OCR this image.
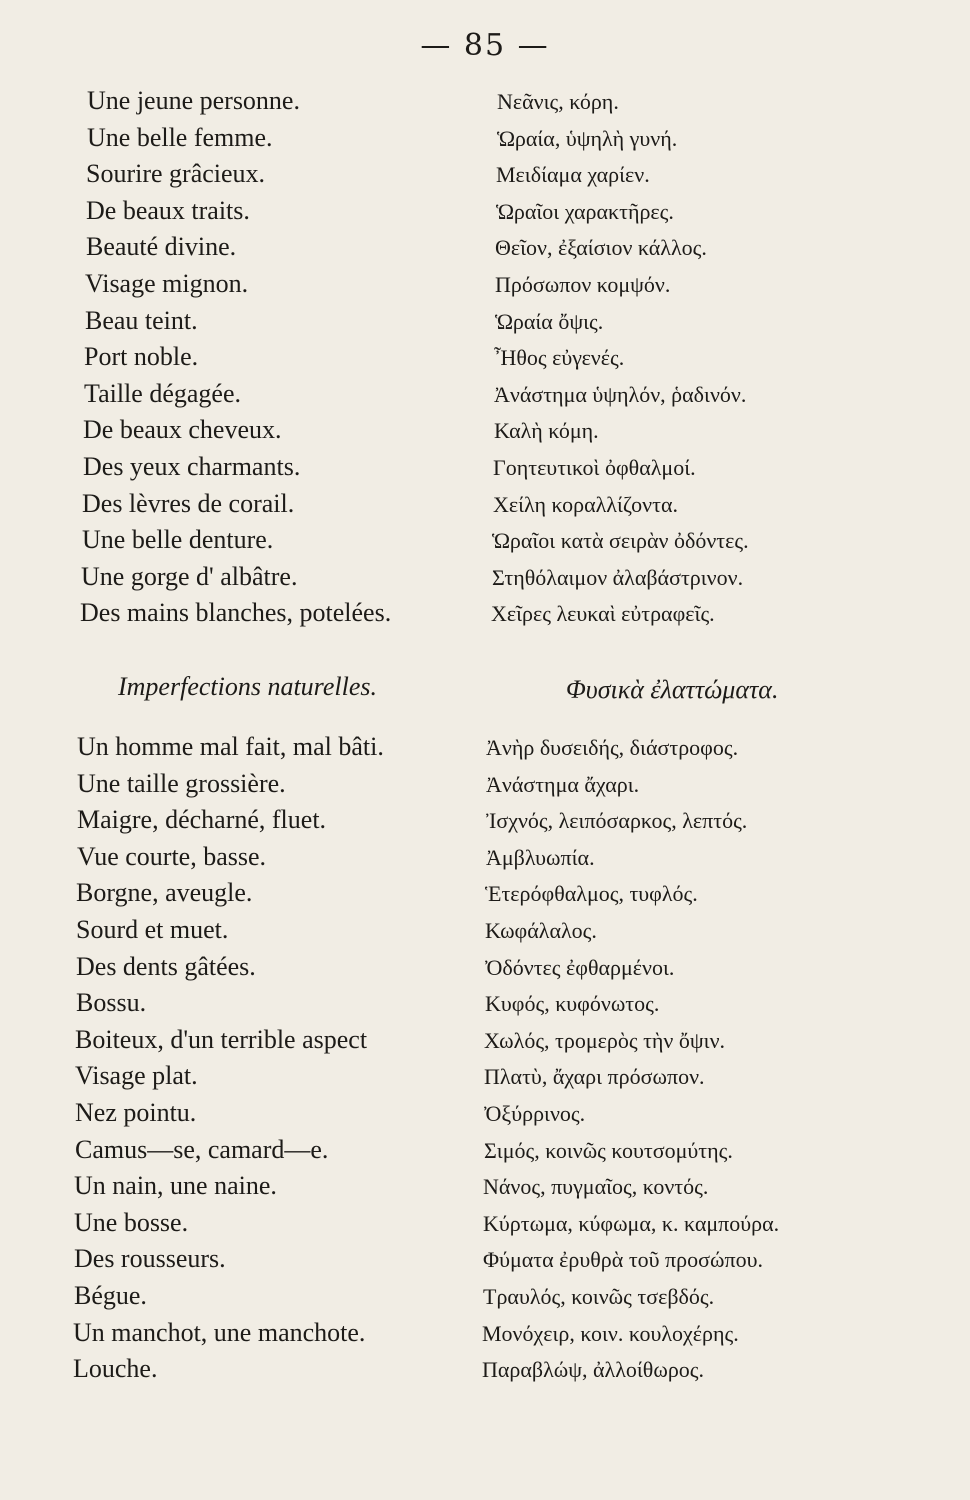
— 85 —
Une jeune personne.	Νεᾶνις, κόρη.
Une belle femme.	Ὡραία, ὑψηλὴ γυνή.
Sourire grâcieux.	Μειδίαμα χαρίεν.
De beaux traits.	Ὡραῖοι χαρακτῆρες.
Beauté divine.	Θεῖον, ἐξαίσιον κάλλος.
Visage mignon.	Πρόσωπον κομψόν.
Beau teint.	Ὡραία ὄψις.
Port noble.	Ἦθος εὐγενές.
Taille dégagée.	Ἀνάστημα ὑψηλόν, ῥαδινόν.
De beaux cheveux.	Καλὴ κόμη.
Des yeux charmants.	Γοητευτικοὶ ὀφθαλμοί.
Des lèvres de corail.	Χείλη κοραλλίζοντα.
Une belle denture.	Ὡραῖοι κατὰ σειρὰν ὀδόντες.
Une gorge d' albâtre.	Στηθόλαιμον ἀλαβάστρινον.
Des mains blanches, potelées.	Χεῖρες λευκαὶ εὐτραφεῖς.
Imperfections naturelles.	Φυσικὰ ἐλαττώματα.
Un homme mal fait, mal bâti.	Ἀνὴρ δυσειδής, διάστροφος.
Une taille grossière.	Ἀνάστημα ἄχαρι.
Maigre, décharné, fluet.	Ἰσχνός, λειπόσαρκος, λεπτός.
Vue courte, basse.	Ἀμβλυωπία.
Borgne, aveugle.	Ἑτερόφθαλμος, τυφλός.
Sourd et muet.	Κωφάλαλος.
Des dents gâtées.	Ὀδόντες ἐφθαρμένοι.
Bossu.	Κυφός, κυφόνωτος.
Boiteux, d'un terrible aspect	Χωλός, τρομερὸς τὴν ὄψιν.
Visage plat.	Πλατὺ, ἄχαρι πρόσωπον.
Nez pointu.	Ὀξύρρινος.
Camus—se, camard—e.	Σιμός, κοινῶς κουτσομύτης.
Un nain, une naine.	Νάνος, πυγμαῖος, κοντός.
Une bosse.	Κύρτωμα, κύφωμα, κ. καμπούρα.
Des rousseurs.	Φύματα ἐρυθρὰ τοῦ προσώπου.
Bégue.	Τραυλός, κοινῶς τσεβδός.
Un manchot, une manchote.	Μονόχειρ, κοιν. κουλοχέρης.
Louche.	Παραβλώψ, ἀλλοίθωρος.
